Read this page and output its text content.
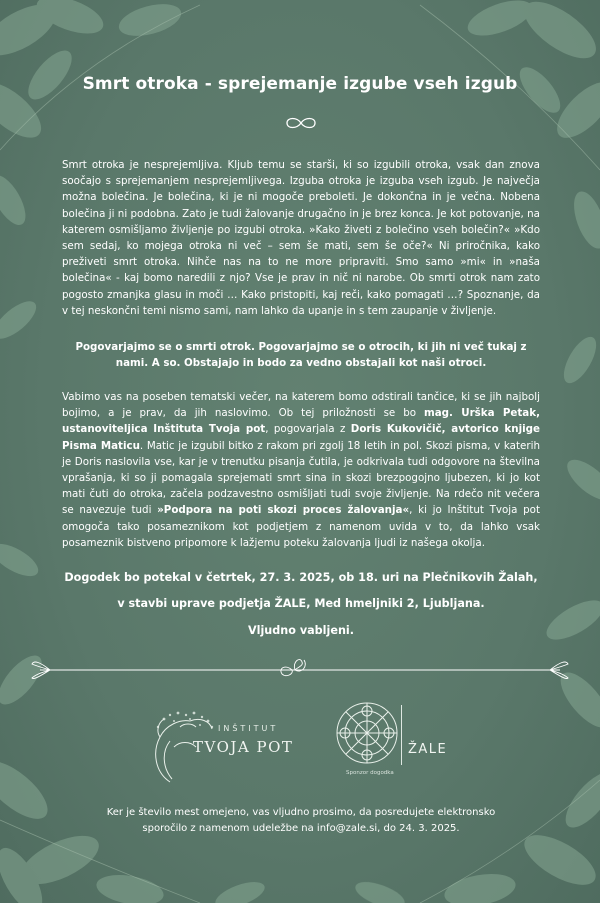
Smrt otroka - sprejemanje izgube vseh izgub
Smrt otroka je nesprejemljiva. Kljub temu se starši, ki so izgubili otroka, vsak dan znova soočajo s sprejemanjem nesprejemljivega. Izguba otroka je izguba vseh izgub. Je največja možna bolečina. Je bolečina, ki je ni mogoče preboleti. Je dokončna in je večna. Nobena bolečina ji ni podobna. Zato je tudi žalovanje drugačno in je brez konca. Je kot potovanje, na katerem osmišljamo življenje po izgubi otroka. »Kako živeti z bolečino vseh bolečin?« »Kdo sem sedaj, ko mojega otroka ni več – sem še mati, sem še oče?« Ni priročnika, kako preživeti smrt otroka. Nihče nas na to ne more pripraviti. Smo samo »mi« in »naša bolečina« - kaj bomo naredili z njo? Vse je prav in nič ni narobe. Ob smrti otrok nam zato pogosto zmanjka glasu in moči … Kako pristopiti, kaj reči, kako pomagati …? Spoznanje, da v tej neskončni temi nismo sami, nam lahko da upanje in s tem zaupanje v življenje.
Pogovarjajmo se o smrti otrok. Pogovarjajmo se o otrocih, ki jih ni več tukaj z nami. A so. Obstajajo in bodo za vedno obstajali kot naši otroci.
Vabimo vas na poseben tematski večer, na katerem bomo odstirali tančice, ki se jih najbolj bojimo, a je prav, da jih naslovimo. Ob tej priložnosti se bo mag. Urška Petak, ustanoviteljica Inštituta Tvoja pot, pogovarjala z Doris Kukovičič, avtorico knjige Pisma Maticu. Matic je izgubil bitko z rakom pri zgolj 18 letih in pol. Skozi pisma, v katerih je Doris naslovila vse, kar je v trenutku pisanja čutila, je odkrivala tudi odgovore na številna vprašanja, ki so ji pomagala sprejemati smrt sina in skozi brezpogojno ljubezen, ki jo kot mati čuti do otroka, začela podzavestno osmišljati tudi svoje življenje. Na rdečo nit večera se navezuje tudi »Podpora na poti skozi proces žalovanja«, ki jo Inštitut Tvoja pot omogoča tako posameznikom kot podjetjem z namenom uvida v to, da lahko vsak posameznik bistveno pripomore k lažjemu poteku žalovanja ljudi iz našega okolja.
Dogodek bo potekal v četrtek, 27. 3. 2025, ob 18. uri na Plečnikovih Žalah,
v stavbi uprave podjetja ŽALE, Med hmeljniki 2, Ljubljana.
Vljudno vabljeni.
INŠTITUT
TVOJA POT	ŽALE
Sponzor dogodka
Ker je število mest omejeno, vas vljudno prosimo, da posredujete elektronsko
sporočilo z namenom udeležbe na info@zale.si, do 24. 3. 2025.
